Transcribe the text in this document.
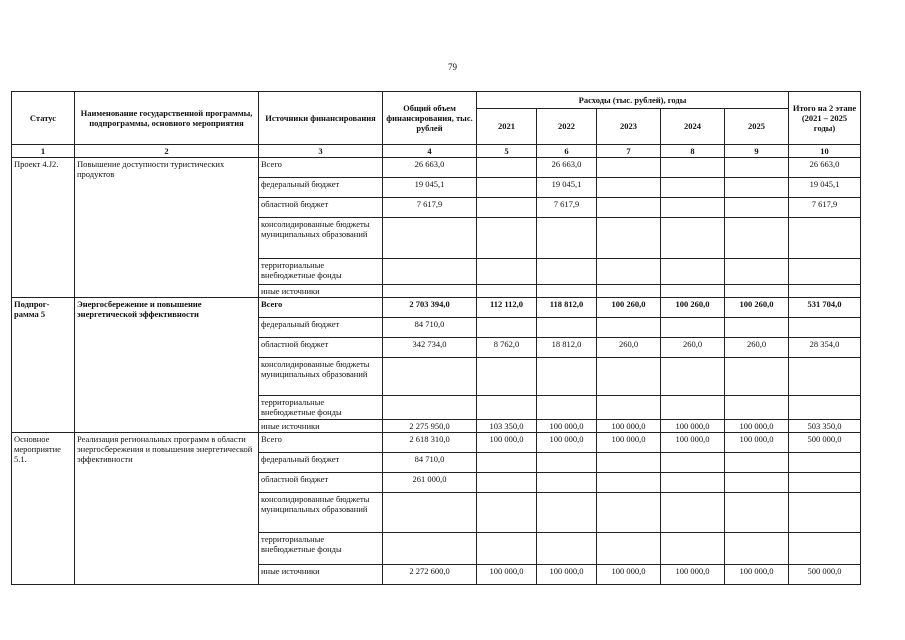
79
Статус	Наименование государственной программы, подпрограммы, основного мероприятия	Источники финансирования	Общий объем финансирования, тыс. рублей	Расходы (тыс. рублей), годы					Итого на 2 этапе (2021 – 2025 годы)
				2021	2022	2023	2024	2025	
1	2	3	4	5	6	7	8	9	10
Проект 4.J2.	Повышение доступности туристических продуктов	Всего	26 663,0		26 663,0				26 663,0
		федеральный бюджет	19 045,1		19 045,1				19 045,1
		областной бюджет	7 617,9		7 617,9				7 617,9
		консолидированные бюджеты муниципальных образований							
		территориальные внебюджетные фонды							
		иные источники							
Подпрог-рамма 5	Энергосбережение и повышение энергетической эффективности	Всего	2 703 394,0	112 112,0	118 812,0	100 260,0	100 260,0	100 260,0	531 704,0
		федеральный бюджет	84 710,0						
		областной бюджет	342 734,0	8 762,0	18 812,0	260,0	260,0	260,0	28 354,0
		консолидированные бюджеты муниципальных образований							
		территориальные внебюджетные фонды							
		иные источники	2 275 950,0	103 350,0	100 000,0	100 000,0	100 000,0	100 000,0	503 350,0
Основное мероприятие 5.1.	Реализация региональных программ в области энергосбережения и повышения энергетической эффективности	Всего	2 618 310,0	100 000,0	100 000,0	100 000,0	100 000,0	100 000,0	500 000,0
		федеральный бюджет	84 710,0						
		областной бюджет	261 000,0						
		консолидированные бюджеты муниципальных образований							
		территориальные внебюджетные фонды							
		иные источники	2 272 600,0	100 000,0	100 000,0	100 000,0	100 000,0	100 000,0	500 000,0
